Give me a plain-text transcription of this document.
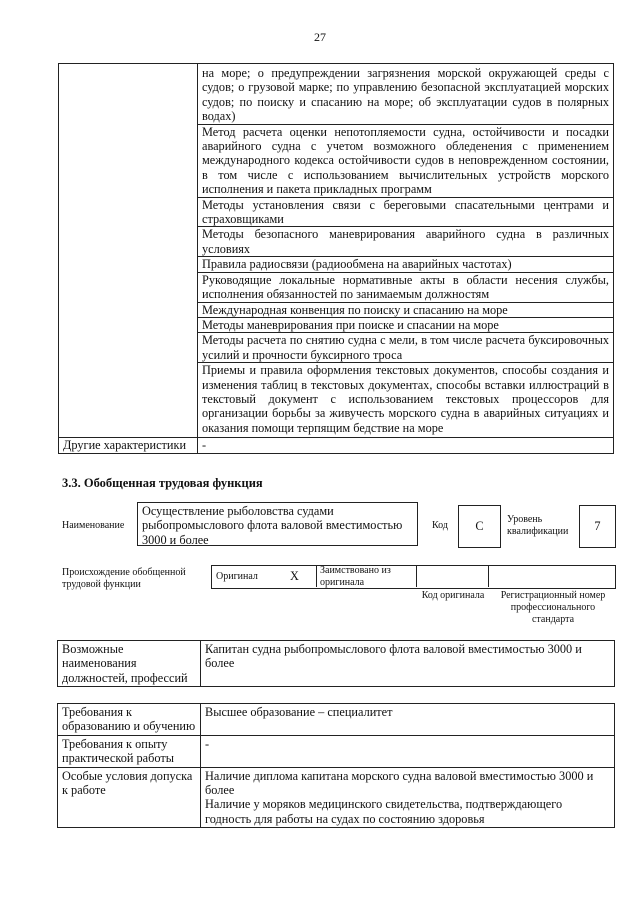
27
	на море; о предупреждении загрязнения морской окружающей среды с судов; о грузовой марке; по управлению безопасной эксплуатацией морских судов; по поиску и спасанию на море; об эксплуатации судов в полярных водах)
	Метод расчета оценки непотопляемости судна, остойчивости и посадки аварийного судна с учетом возможного обледенения с применением международного кодекса остойчивости судов в неповрежденном состоянии, в том числе с использованием вычислительных устройств морского исполнения и пакета прикладных программ
	Методы установления связи с береговыми спасательными центрами и страховщиками
	Методы безопасного маневрирования аварийного судна в различных условиях
	Правила радиосвязи (радиообмена на аварийных частотах)
	Руководящие локальные нормативные акты в области несения службы, исполнения обязанностей по занимаемым должностям
	Международная конвенция по поиску и спасанию на море
	Методы маневрирования при поиске и спасании на море
	Методы расчета по снятию судна с мели, в том числе расчета буксировочных усилий и прочности буксирного троса
	Приемы и правила оформления текстовых документов, способы создания и изменения таблиц в текстовых документах, способы вставки иллюстраций в текстовый документ с использованием текстовых процессоров для организации борьбы за живучесть морского судна в аварийных ситуациях и оказания помощи терпящим бедствие на море
Другие характеристики	-
3.3. Обобщенная трудовая функция
Наименование
Осуществление рыболовства судами рыбопромыслового флота валовой вместимостью 3000 и более
Код	С	Уровень квалификации	7
Происхождение обобщенной трудовой функции
Оригинал	X Заимствовано из оригинала
Код оригинала	Регистрационный номер профессионального стандарта
Возможные наименования должностей, профессий	Капитан судна рыбопромыслового флота валовой вместимостью 3000 и более
Требования к образованию и обучению	Высшее образование – специалитет
Требования к опыту практической работы	-
Особые условия допуска к работе	Наличие диплома капитана морского судна валовой вместимостью 3000 и более
Наличие у моряков медицинского свидетельства, подтверждающего годность для работы на судах по состоянию здоровья
